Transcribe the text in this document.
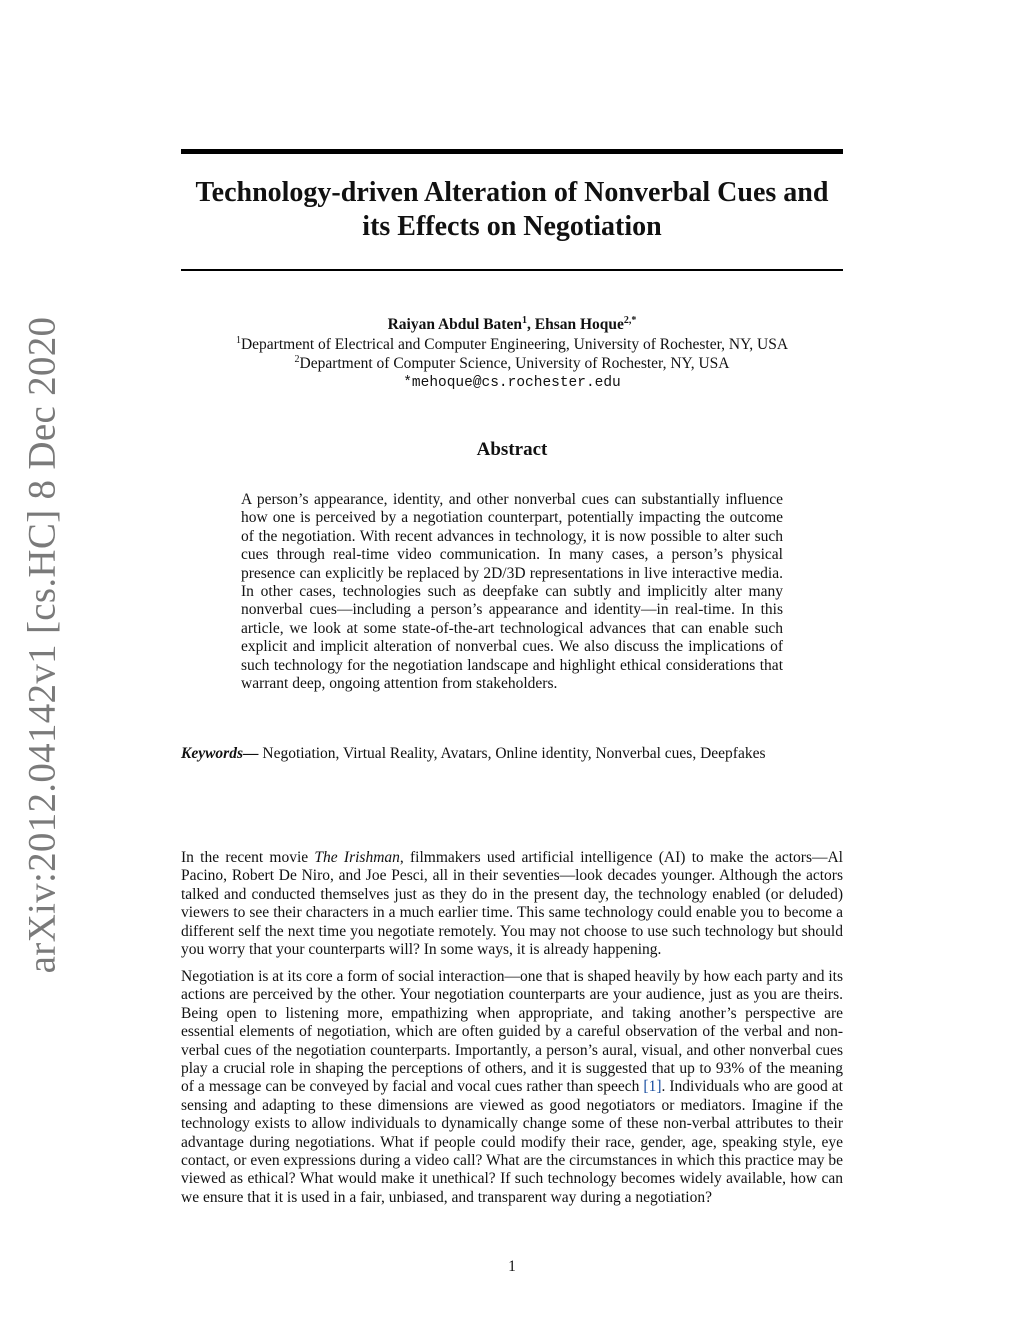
arXiv:2012.04142v1 [cs.HC] 8 Dec 2020
Technology-driven Alteration of Nonverbal Cues and
its Effects on Negotiation
Raiyan Abdul Baten$^1$, Ehsan Hoque$^{2,*}$
$^1$Department of Electrical and Computer Engineering, University of Rochester, NY, USA
$^2$Department of Computer Science, University of Rochester, NY, USA
*mehoque@cs.rochester.edu
Abstract

A person’s appearance, identity, and other nonverbal cues can substantially influence how one is perceived by a negotiation counterpart, potentially impacting the outcome of the negotiation. With recent advances in technology, it is now possible to alter such cues through real-time video communication. In many cases, a person’s physical presence can explicitly be replaced by 2D/3D representations in live interactive media. In other cases, technologies such as deepfake can subtly and implicitly alter many nonverbal cues—including a person’s appearance and identity—in real-time. In this article, we look at some state-of-the-art technological advances that can enable such explicit and implicit alteration of nonverbal cues. We also discuss the implications of such technology for the negotiation landscape and highlight ethical considerations that warrant deep, ongoing attention from stakeholders.

Keywords— Negotiation, Virtual Reality, Avatars, Online identity, Nonverbal cues, Deepfakes

In the recent movie The Irishman, filmmakers used artificial intelligence (AI) to make the actors—Al Pacino, Robert De Niro, and Joe Pesci, all in their seventies—look decades younger. Although the actors talked and conducted themselves just as they do in the present day, the technology enabled (or deluded) viewers to see their characters in a much earlier time. This same technology could enable you to become a different self the next time you negotiate remotely. You may not choose to use such technology but should you worry that your counterparts will? In some ways, it is already happening.

Negotiation is at its core a form of social interaction—one that is shaped heavily by how each party and its actions are perceived by the other. Your negotiation counterparts are your audience, just as you are theirs. Being open to listening more, empathizing when appropriate, and taking another’s perspective are essential elements of negotiation, which are often guided by a careful observation of the verbal and non-verbal cues of the negotiation counterparts. Importantly, a person’s aural, visual, and other nonverbal cues play a crucial role in shaping the perceptions of others, and it is suggested that up to 93% of the meaning of a message can be conveyed by facial and vocal cues rather than speech [1]. Individuals who are good at sensing and adapting to these dimensions are viewed as good negotiators or mediators. Imagine if the technology exists to allow individuals to dynamically change some of these non-verbal attributes to their advantage during negotiations. What if people could modify their race, gender, age, speaking style, eye contact, or even expressions during a video call? What are the circumstances in which this practice may be viewed as ethical? What would make it unethical? If such technology becomes widely available, how can we ensure that it is used in a fair, unbiased, and transparent way during a negotiation?

1
